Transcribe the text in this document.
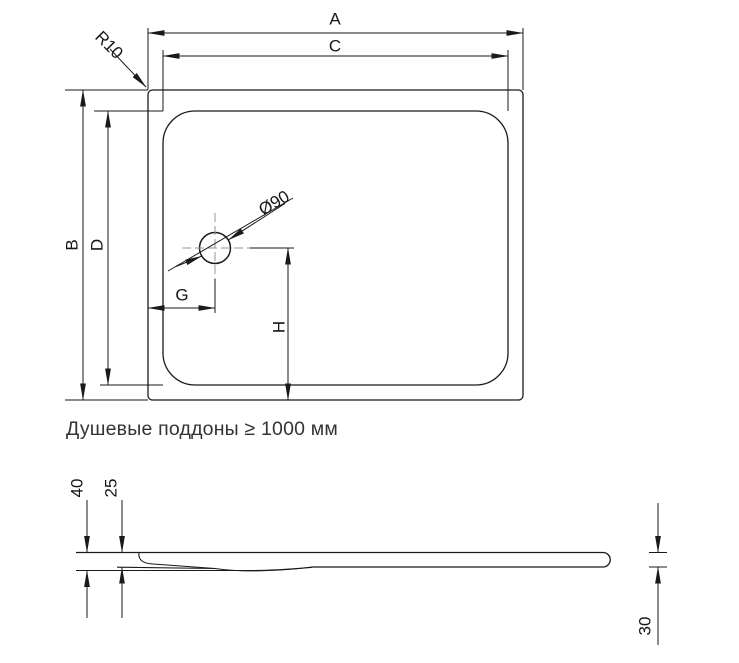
A
C
B D
R10
Ø90
G
H
40 25
30
Душевые поддоны ≥ 1000 мм
